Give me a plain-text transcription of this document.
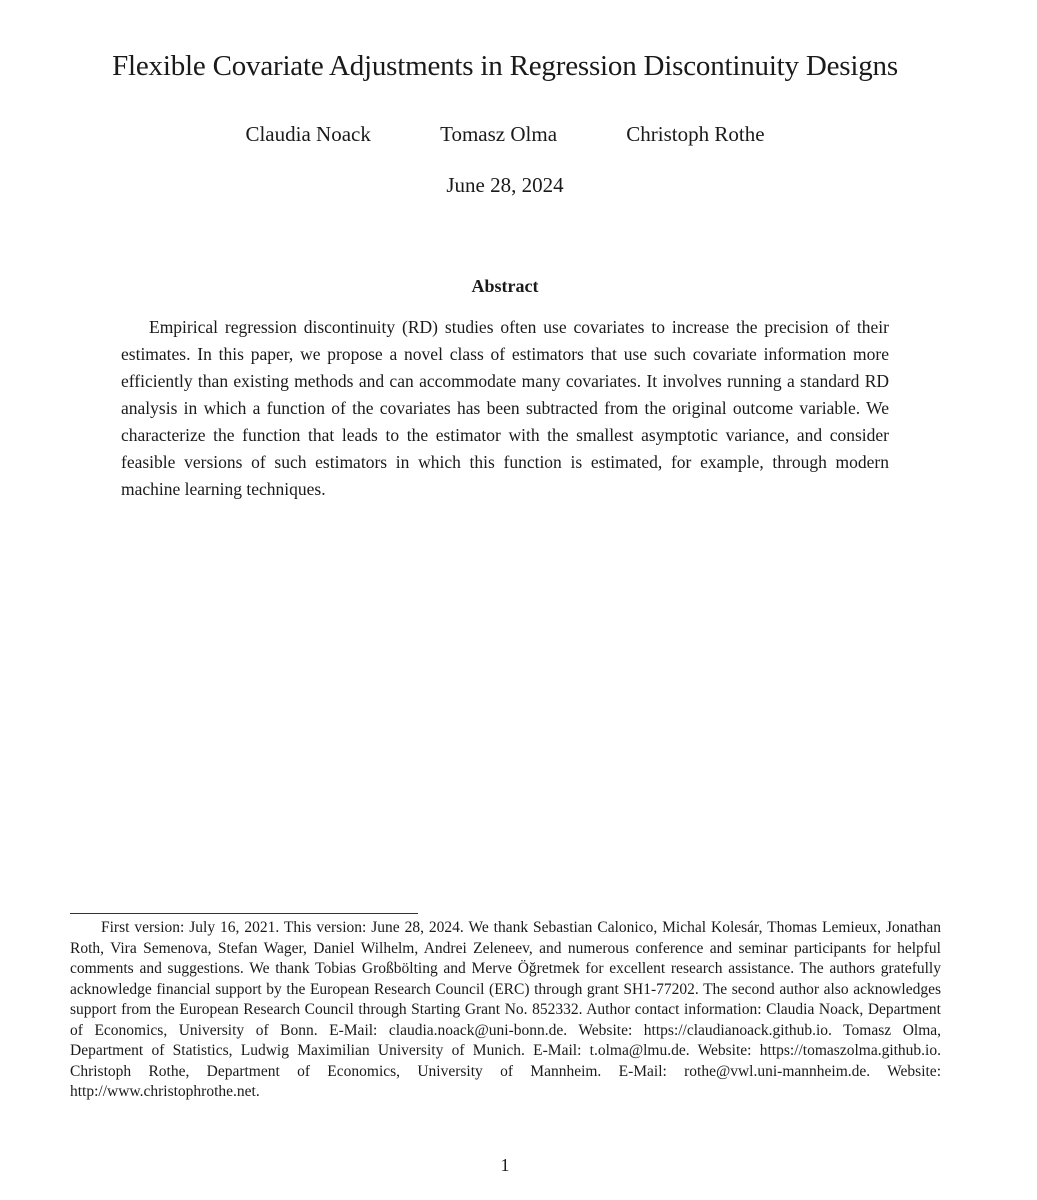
Flexible Covariate Adjustments in Regression Discontinuity Designs
Claudia Noack	Tomasz Olma	Christoph Rothe
June 28, 2024
Abstract

Empirical regression discontinuity (RD) studies often use covariates to increase the precision of their estimates. In this paper, we propose a novel class of estimators that use such covariate information more efficiently than existing methods and can accommodate many covariates. It involves running a standard RD analysis in which a function of the covariates has been subtracted from the original outcome variable. We characterize the function that leads to the estimator with the smallest asymptotic variance, and consider feasible versions of such estimators in which this function is estimated, for example, through modern machine learning techniques.

First version: July 16, 2021. This version: June 28, 2024. We thank Sebastian Calonico, Michal Kolesár, Thomas Lemieux, Jonathan Roth, Vira Semenova, Stefan Wager, Daniel Wilhelm, Andrei Zeleneev, and numerous conference and seminar participants for helpful comments and suggestions. We thank Tobias Großbölting and Merve Öğretmek for excellent research assistance. The authors gratefully acknowledge financial support by the European Research Council (ERC) through grant SH1-77202. The second author also acknowledges support from the European Research Council through Starting Grant No. 852332. Author contact information: Claudia Noack, Department of Economics, University of Bonn. E-Mail: claudia.noack@uni-bonn.de. Website: https://claudianoack.github.io. Tomasz Olma, Department of Statistics, Ludwig Maximilian University of Munich. E-Mail: t.olma@lmu.de. Website: https://tomaszolma.github.io. Christoph Rothe, Department of Economics, University of Mannheim. E-Mail: rothe@vwl.uni-mannheim.de. Website: http://www.christophrothe.net.

1
